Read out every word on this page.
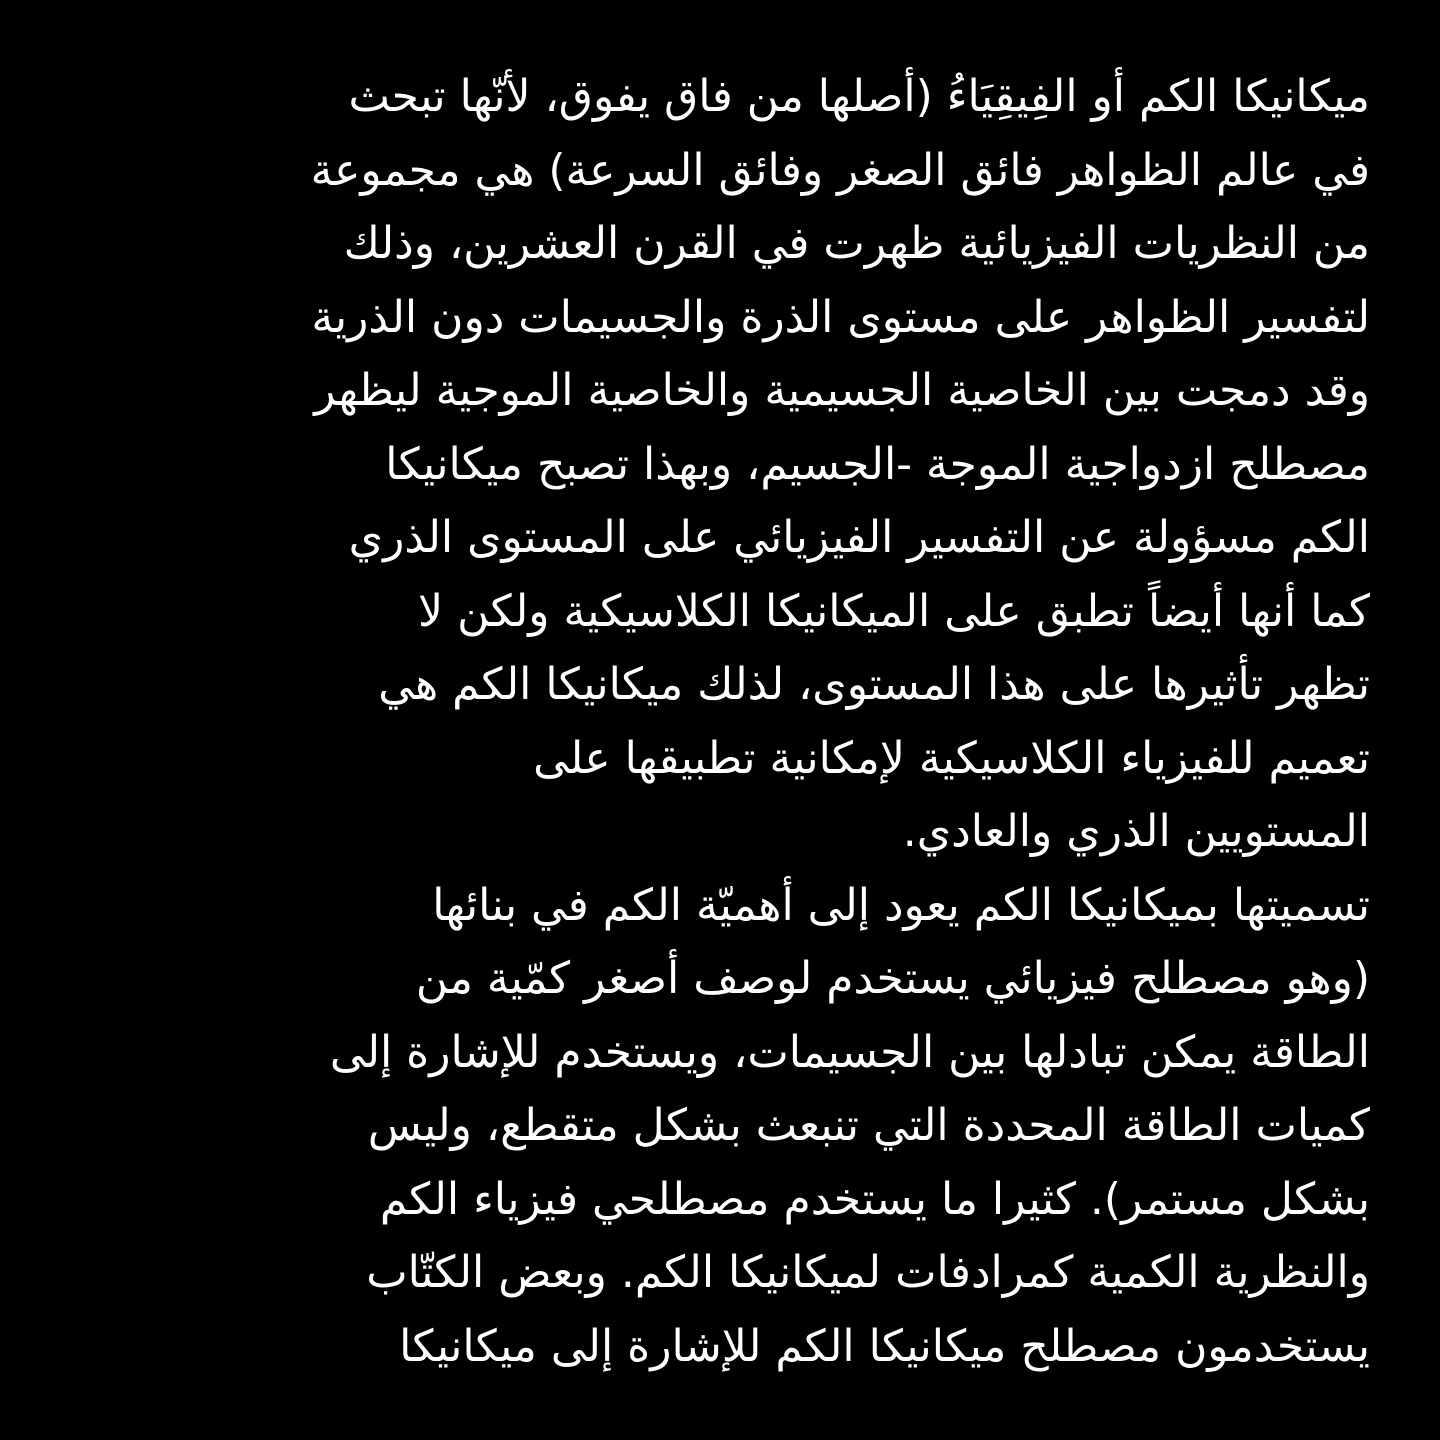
ميكانيكا الكم أو الفِيقِيَاءُ (أصلها من فاق يفوق، لأنّها تبحث
في عالم الظواهر فائق الصغر وفائق السرعة) هي مجموعة
من النظريات الفيزيائية ظهرت في القرن العشرين، وذلك
لتفسير الظواهر على مستوى الذرة والجسيمات دون الذرية
وقد دمجت بين الخاصية الجسيمية والخاصية الموجية ليظهر
مصطلح ازدواجية الموجة -الجسيم، وبهذا تصبح ميكانيكا
الكم مسؤولة عن التفسير الفيزيائي على المستوى الذري
كما أنها أيضاً تطبق على الميكانيكا الكلاسيكية ولكن لا
تظهر تأثيرها على هذا المستوى، لذلك ميكانيكا الكم هي
تعميم للفيزياء الكلاسيكية لإمكانية تطبيقها على
المستويين الذري والعادي.
تسميتها بميكانيكا الكم يعود إلى أهميّة الكم في بنائها
(وهو مصطلح فيزيائي يستخدم لوصف أصغر كمّية من
الطاقة يمكن تبادلها بين الجسيمات، ويستخدم للإشارة إلى
كميات الطاقة المحددة التي تنبعث بشكل متقطع، وليس
بشكل مستمر). كثيرا ما يستخدم مصطلحي فيزياء الكم
والنظرية الكمية كمرادفات لميكانيكا الكم. وبعض الكتّاب
يستخدمون مصطلح ميكانيكا الكم للإشارة إلى ميكانيكا
